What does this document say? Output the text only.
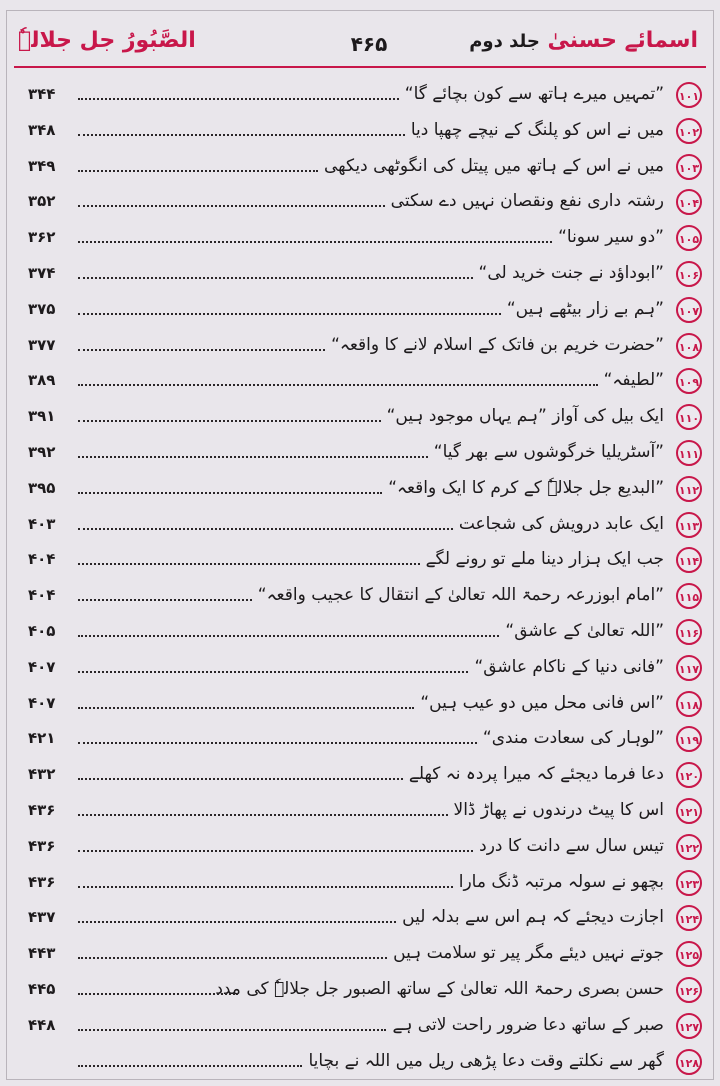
الصَّبُورُ جل جلالہٗ	۴۶۵	اسمائے حسنیٰ جلد دوم
۱۰۱
”تمہیں میرے ہاتھ سے کون بچائے گا“
۳۴۴
۱۰۲
میں نے اس کو پلنگ کے نیچے چھپا دیا
۳۴۸
۱۰۳
میں نے اس کے ہاتھ میں پیتل کی انگوٹھی دیکھی
۳۴۹
۱۰۴
رشتہ داری نفع ونقصان نہیں دے سکتی
۳۵۲
۱۰۵
”دو سیر سونا“
۳۶۲
۱۰۶
”ابوداؤد نے جنت خرید لی“
۳۷۴
۱۰۷
”ہم بے زار بیٹھے ہیں“
۳۷۵
۱۰۸
”حضرت خریم بن فاتک کے اسلام لانے کا واقعہ“
۳۷۷
۱۰۹
”لطیفہ“
۳۸۹
۱۱۰
ایک بیل کی آواز ”ہم یہاں موجود ہیں“
۳۹۱
۱۱۱
”آسٹریلیا خرگوشوں سے بھر گیا“
۳۹۲
۱۱۲
”البدیع جل جلالہٗ کے کرم کا ایک واقعہ“
۳۹۵
۱۱۳
ایک عابد درویش کی شجاعت
۴۰۳
۱۱۴
جب ایک ہزار دینا ملے تو رونے لگے
۴۰۴
۱۱۵
”امام ابوزرعہ رحمۃ اللہ تعالیٰ کے انتقال کا عجیب واقعہ“
۴۰۴
۱۱۶
”اللہ تعالیٰ کے عاشق“
۴۰۵
۱۱۷
”فانی دنیا کے ناکام عاشق“
۴۰۷
۱۱۸
”اس فانی محل میں دو عیب ہیں“
۴۰۷
۱۱۹
”لوہار کی سعادت مندی“
۴۲۱
۱۲۰
دعا فرما دیجئے کہ میرا پردہ نہ کھلے
۴۳۲
۱۲۱
اس کا پیٹ درندوں نے پھاڑ ڈالا
۴۳۶
۱۲۲
تیس سال سے دانت کا درد
۴۳۶
۱۲۳
بچھو نے سولہ مرتبہ ڈنگ مارا
۴۳۶
۱۲۴
اجازت دیجئے کہ ہم اس سے بدلہ لیں
۴۳۷
۱۲۵
جوتے نہیں دیئے مگر پیر تو سلامت ہیں
۴۴۳
۱۲۶
حسن بصری رحمۃ اللہ تعالیٰ کے ساتھ الصبور جل جلالہٗ کی مدد
۴۴۵
۱۲۷
صبر کے ساتھ دعا ضرور راحت لاتی ہے
۴۴۸
۱۲۸
گھر سے نکلتے وقت دعا پڑھی ریل میں اللہ نے بچایا
